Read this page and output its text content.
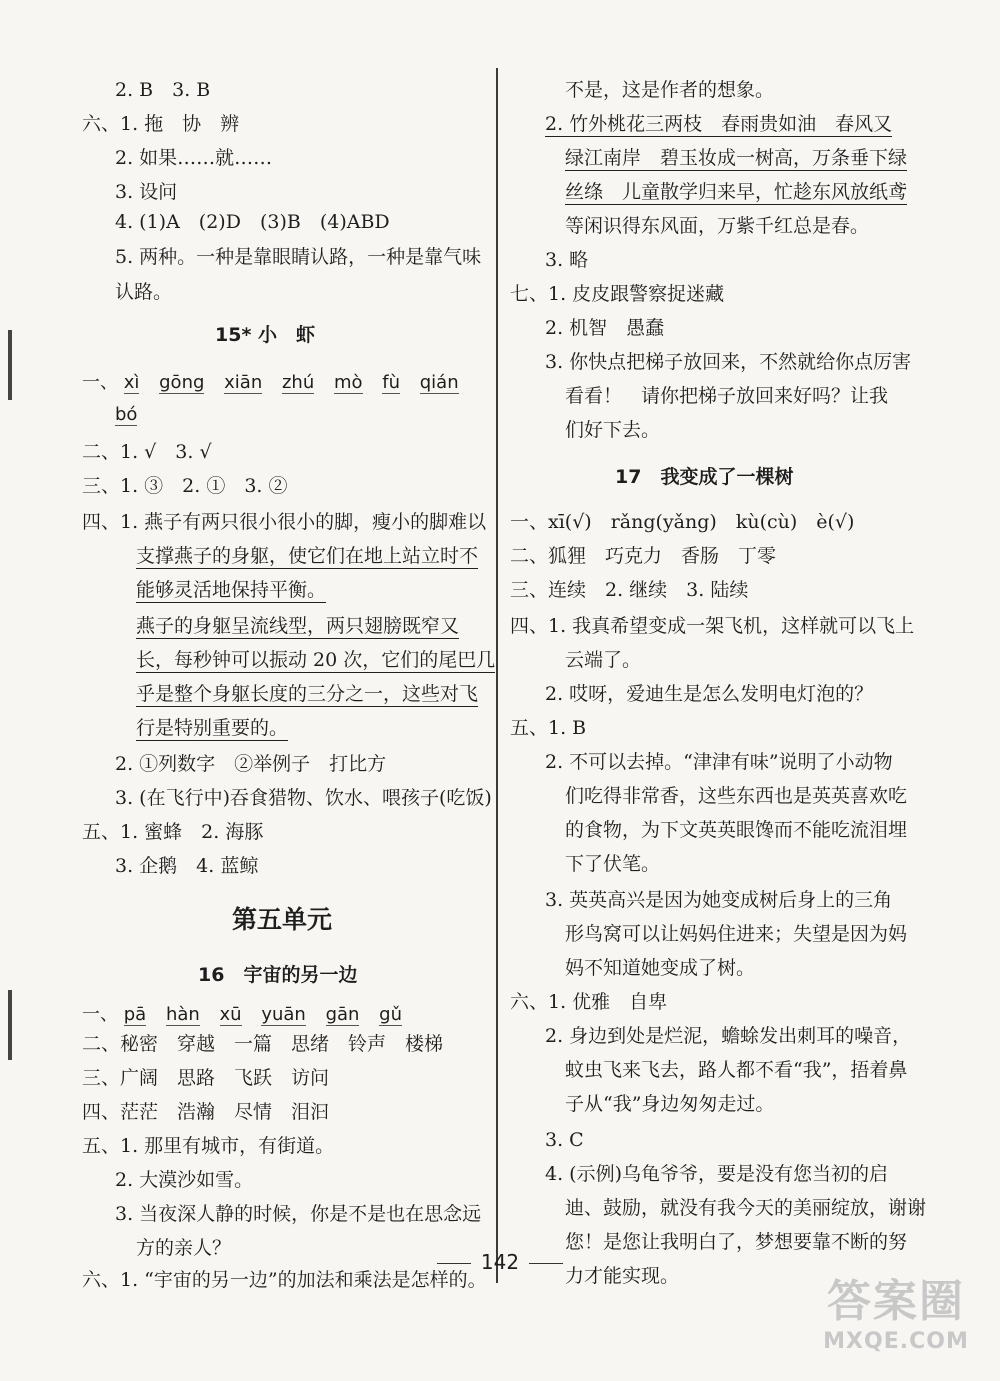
2. B　3. B
六、1. 拖　协　辨
2. 如果……就……
3. 设问
4. (1)A　(2)D　(3)B　(4)ABD
5. 两种。一种是靠眼睛认路，一种是靠气味
认路。
15* 小　虾
一、 xì gōng xiān zhú mò fù qián
bó
二、1. √　3. √
三、1. ③　2. ①　3. ②
四、1. 燕子有两只很小很小的脚，瘦小的脚难以
支撑燕子的身躯，使它们在地上站立时不
能够灵活地保持平衡。
燕子的身躯呈流线型，两只翅膀既窄又
长，每秒钟可以振动 20 次，它们的尾巴几
乎是整个身躯长度的三分之一，这些对飞
行是特别重要的。
2. ①列数字　②举例子　打比方
3. (在飞行中)吞食猎物、饮水、喂孩子(吃饭)
五、1. 蜜蜂　2. 海豚
3. 企鹅　4. 蓝鲸
第五单元
16　宇宙的另一边
一、 pā hàn xū yuān gān gǔ
二、秘密　穿越　一篇　思绪　铃声　楼梯
三、广阔　思路　飞跃　访问
四、茫茫　浩瀚　尽情　泪汩
五、1. 那里有城市，有街道。
2. 大漠沙如雪。
3. 当夜深人静的时候，你是不是也在思念远
方的亲人？
六、1. “宇宙的另一边”的加法和乘法是怎样的。
不是，这是作者的想象。
2. 竹外桃花三两枝　春雨贵如油　春风又
绿江南岸　碧玉妆成一树高，万条垂下绿
丝绦　儿童散学归来早，忙趁东风放纸鸢
等闲识得东风面，万紫千红总是春。
3. 略
七、1. 皮皮跟警察捉迷藏
2. 机智　愚蠢
3. 你快点把梯子放回来，不然就给你点厉害
看看！　请你把梯子放回来好吗？让我
们好下去。
17　我变成了一棵树
一、xī(√)　rǎng(yǎng)　kù(cù)　è(√)
二、狐狸　巧克力　香肠　丁零
三、连续　2. 继续　3. 陆续
四、1. 我真希望变成一架飞机，这样就可以飞上
云端了。
2. 哎呀，爱迪生是怎么发明电灯泡的？
五、1. B
2. 不可以去掉。“津津有味”说明了小动物
们吃得非常香，这些东西也是英英喜欢吃
的食物，为下文英英眼馋而不能吃流泪埋
下了伏笔。
3. 英英高兴是因为她变成树后身上的三角
形鸟窝可以让妈妈住进来；失望是因为妈
妈不知道她变成了树。
六、1. 优雅　自卑
2. 身边到处是烂泥，蟾蜍发出刺耳的噪音，
蚊虫飞来飞去，路人都不看“我”，捂着鼻
子从“我”身边匆匆走过。
3. C
4. (示例)乌龟爷爷，要是没有您当初的启
迪、鼓励，就没有我今天的美丽绽放，谢谢
您！是您让我明白了，梦想要靠不断的努
力才能实现。
142
答案圈
MXQE.COM
